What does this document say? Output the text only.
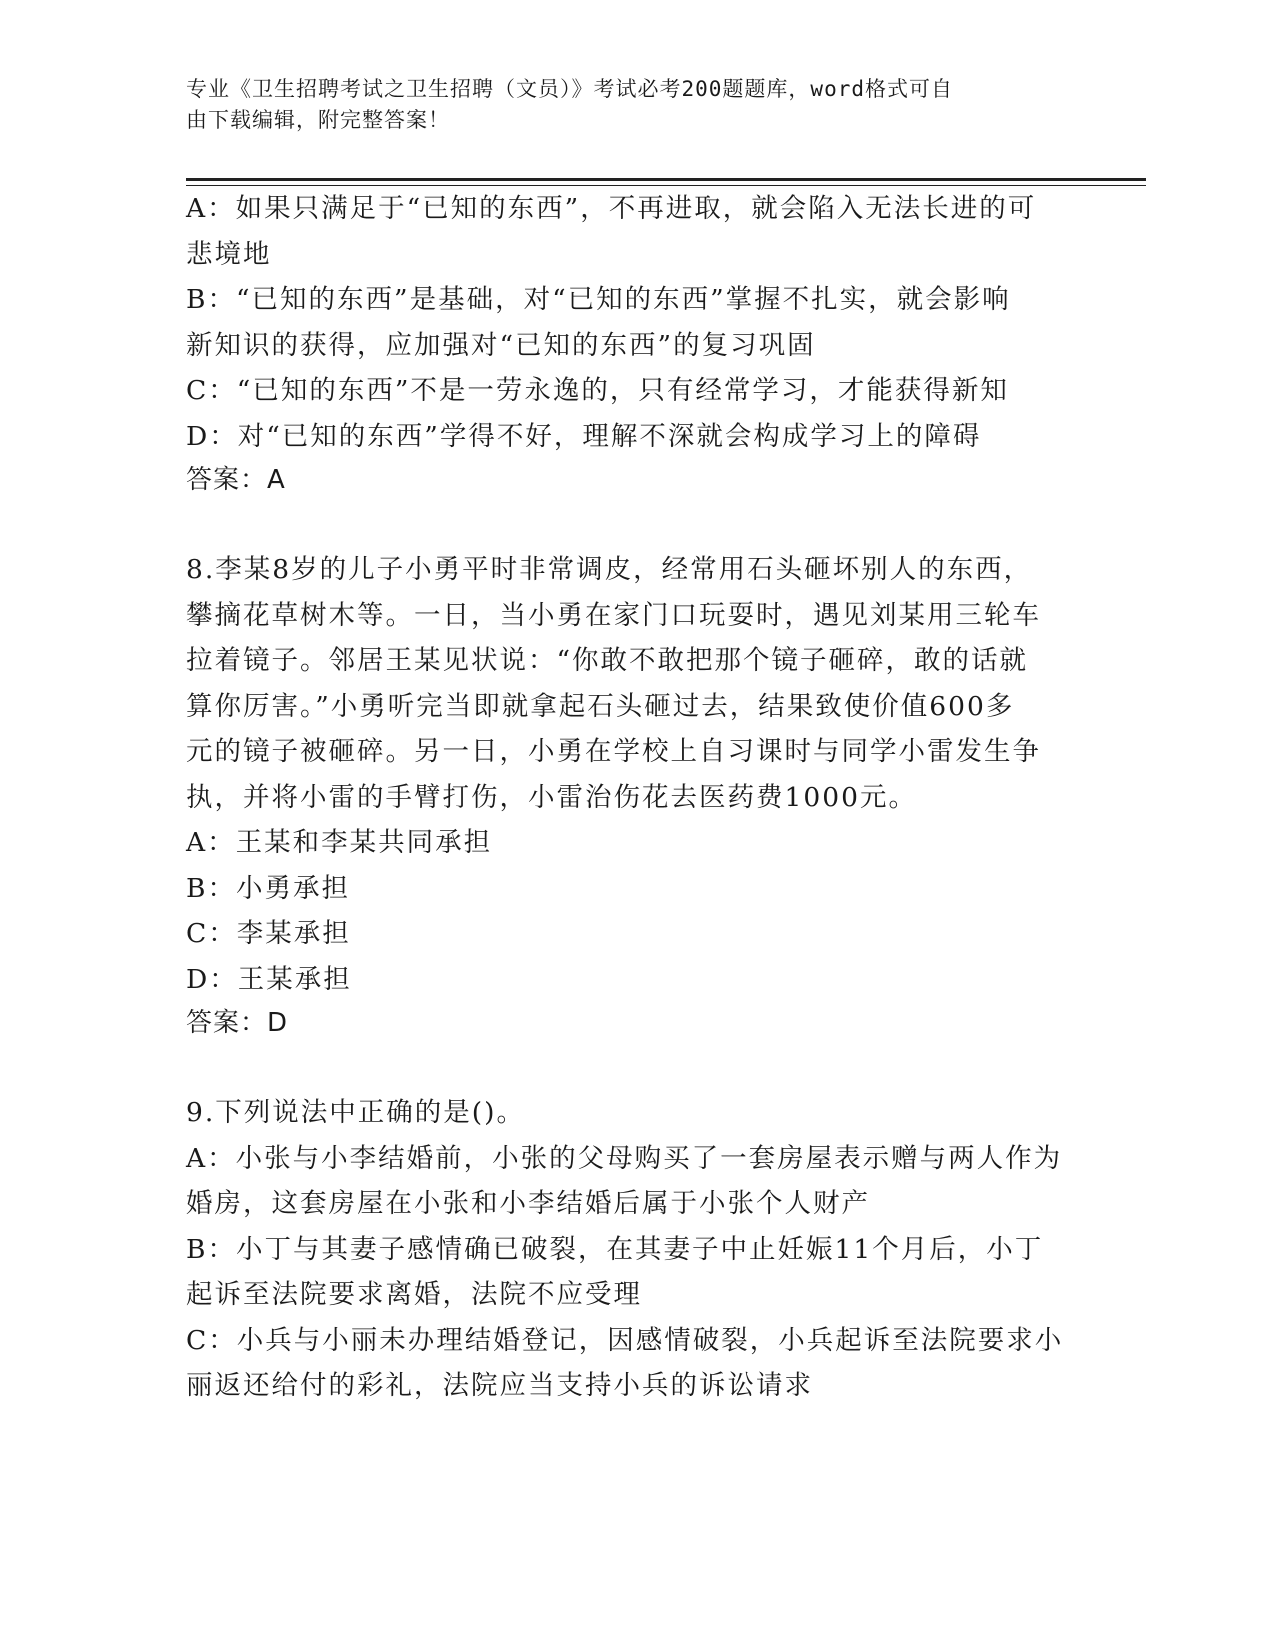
专业《卫生招聘考试之卫生招聘（文员）》考试必考200题题库，word格式可自
由下载编辑，附完整答案！
A：如果只满足于“已知的东西”，不再进取，就会陷入无法长进的可
悲境地
B：“已知的东西”是基础，对“已知的东西”掌握不扎实，就会影响
新知识的获得，应加强对“已知的东西”的复习巩固
C：“已知的东西”不是一劳永逸的，只有经常学习，才能获得新知
D：对“已知的东西”学得不好，理解不深就会构成学习上的障碍
答案：A
8.李某8岁的儿子小勇平时非常调皮，经常用石头砸坏别人的东西，
攀摘花草树木等。一日，当小勇在家门口玩耍时，遇见刘某用三轮车
拉着镜子。邻居王某见状说：“你敢不敢把那个镜子砸碎，敢的话就
算你厉害。”小勇听完当即就拿起石头砸过去，结果致使价值600多
元的镜子被砸碎。另一日，小勇在学校上自习课时与同学小雷发生争
执，并将小雷的手臂打伤，小雷治伤花去医药费1000元。
A：王某和李某共同承担
B：小勇承担
C：李某承担
D：王某承担
答案：D
9.下列说法中正确的是()。
A：小张与小李结婚前，小张的父母购买了一套房屋表示赠与两人作为
婚房，这套房屋在小张和小李结婚后属于小张个人财产
B：小丁与其妻子感情确已破裂，在其妻子中止妊娠11个月后，小丁
起诉至法院要求离婚，法院不应受理
C：小兵与小丽未办理结婚登记，因感情破裂，小兵起诉至法院要求小
丽返还给付的彩礼，法院应当支持小兵的诉讼请求
